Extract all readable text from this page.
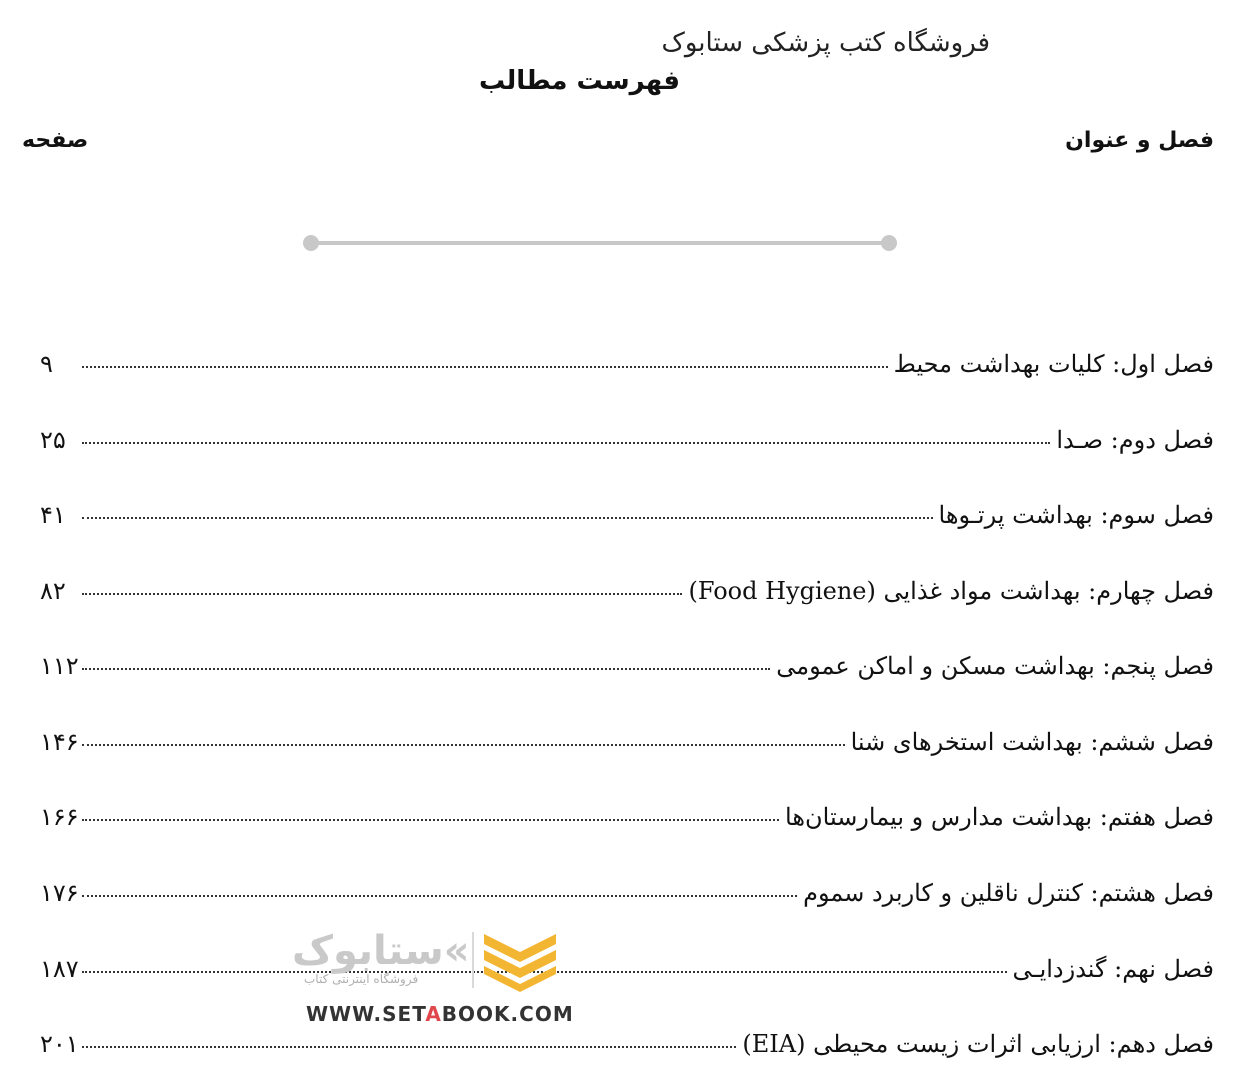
فروشگاه کتب پزشکی ستابوک
فهرست مطالب
فصل و عنوان
صفحه
فصل اول: کلیات بهداشت محیط
۹
فصل دوم: صـدا
۲۵
فصل سوم: بهداشت پرتـوها
۴۱
فصل چهارم: بهداشت مواد غذایی (Food Hygiene)
۸۲
فصل پنجم: بهداشت مسکن و اماکن عمومی
۱۱۲
فصل ششم: بهداشت استخرهای شنا
۱۴۶
فصل هفتم: بهداشت مدارس و بیمارستان‌ها
۱۶۶
فصل هشتم: کنترل ناقلین و کاربرد سموم
۱۷۶
فصل نهم: گندزدایـی
۱۸۷
فصل دهم: ارزیابی اثرات زیست محیطی (EIA)
۲۰۱
ستابوک«
فروشگاه اینترنتی کتاب
WWW.SETABOOK.COM
